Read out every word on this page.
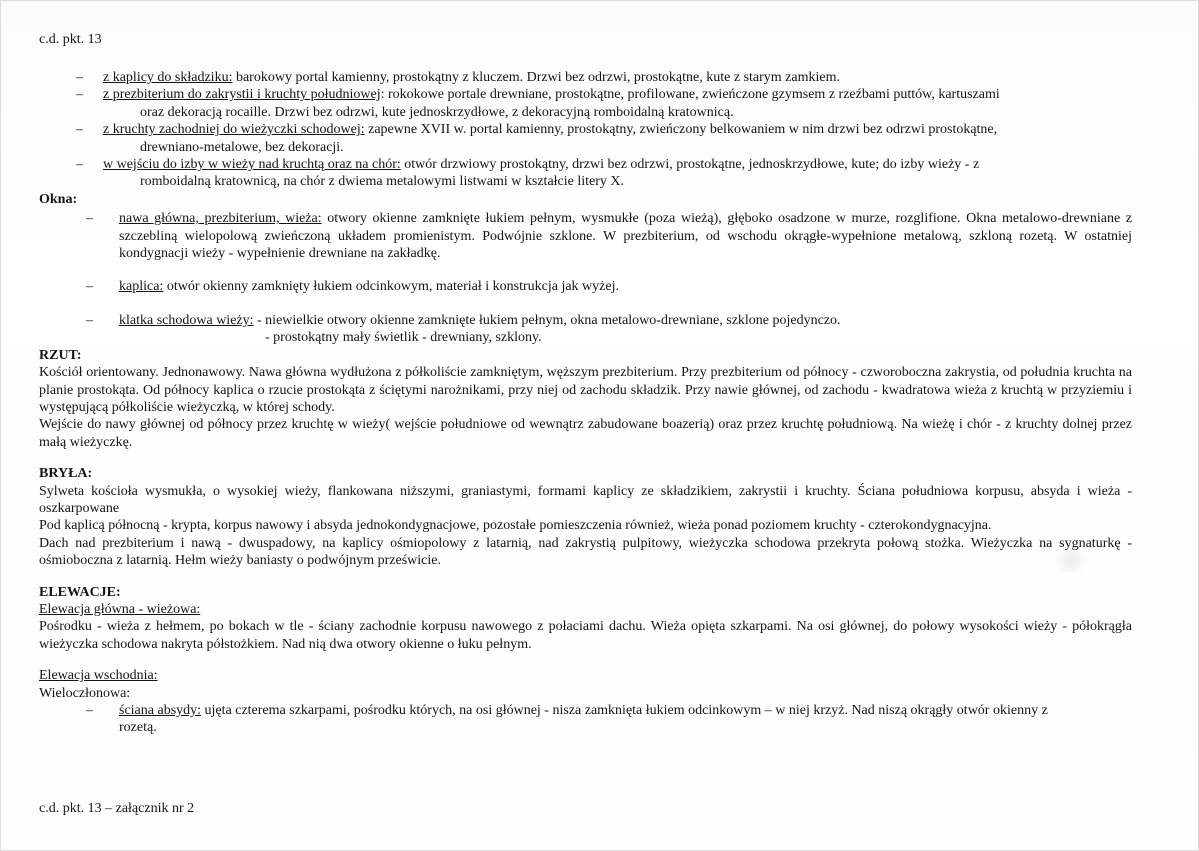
c.d. pkt. 13
– z kaplicy do składziku: barokowy portal kamienny, prostokątny z kluczem. Drzwi bez odrzwi, prostokątne, kute z starym zamkiem.
– z prezbiterium do zakrystii i kruchty południowej: rokokowe portale drewniane, prostokątne, profilowane, zwieńczone gzymsem z rzeźbami puttów, kartuszami
oraz dekoracją rocaille. Drzwi bez odrzwi, kute jednoskrzydłowe, z dekoracyjną romboidalną kratownicą.
– z kruchty zachodniej do wieżyczki schodowej: zapewne XVII w. portal kamienny, prostokątny, zwieńczony belkowaniem w nim drzwi bez odrzwi prostokątne,
drewniano-metalowe, bez dekoracji.
– w wejściu do izby w wieży nad kruchtą oraz na chór: otwór drzwiowy prostokątny, drzwi bez odrzwi, prostokątne, jednoskrzydłowe, kute; do izby wieży - z
romboidalną kratownicą, na chór z dwiema metalowymi listwami w kształcie litery X.
Okna:
– nawa główna, prezbiterium, wieża: otwory okienne zamknięte łukiem pełnym, wysmukłe (poza wieżą), głęboko osadzone w murze, rozglifione. Okna metalowo-drewniane z szczebliną wielopolową zwieńczoną układem promienistym. Podwójnie szklone. W prezbiterium, od wschodu okrągłe-wypełnione metalową, szkloną rozetą. W ostatniej kondygnacji wieży - wypełnienie drewniane na zakładkę.
– kaplica: otwór okienny zamknięty łukiem odcinkowym, materiał i konstrukcja jak wyżej.
– klatka schodowa wieży: - niewielkie otwory okienne zamknięte łukiem pełnym, okna metalowo-drewniane, szklone pojedynczo.
- prostokątny mały świetlik - drewniany, szklony.
RZUT:
Kościół orientowany. Jednonawowy. Nawa główna wydłużona z półkoliście zamkniętym, węższym prezbiterium. Przy prezbiterium od północy - czworoboczna zakrystia, od południa kruchta na planie prostokąta. Od północy kaplica o rzucie prostokąta z ściętymi narożnikami, przy niej od zachodu składzik. Przy nawie głównej, od zachodu - kwadratowa wieża z kruchtą w przyziemiu i występującą półkoliście wieżyczką, w której schody.
Wejście do nawy głównej od północy przez kruchtę w wieży( wejście południowe od wewnątrz zabudowane boazerią) oraz przez kruchtę południową. Na wieżę i chór - z kruchty dolnej przez małą wieżyczkę.
BRYŁA:
Sylweta kościoła wysmukła, o wysokiej wieży, flankowana niższymi, graniastymi, formami kaplicy ze składzikiem, zakrystii i kruchty. Ściana południowa korpusu, absyda i wieża - oszkarpowane
Pod kaplicą północną - krypta, korpus nawowy i absyda jednokondygnacjowe, pozostałe pomieszczenia również, wieża ponad poziomem kruchty - czterokondygnacyjna.
Dach nad prezbiterium i nawą - dwuspadowy, na kaplicy ośmiopolowy z latarnią, nad zakrystią pulpitowy, wieżyczka schodowa przekryta połową stożka. Wieżyczka na sygnaturkę - ośmioboczna z latarnią. Hełm wieży baniasty o podwójnym prześwicie.
ELEWACJE:
Elewacja główna - wieżowa:
Pośrodku - wieża z hełmem, po bokach w tle - ściany zachodnie korpusu nawowego z połaciami dachu. Wieża opięta szkarpami. Na osi głównej, do połowy wysokości wieży - półokrągła wieżyczka schodowa nakryta półstożkiem. Nad nią dwa otwory okienne o łuku pełnym.
Elewacja wschodnia:
Wieloczłonowa:
– ściana absydy: ujęta czterema szkarpami, pośrodku których, na osi głównej - nisza zamknięta łukiem odcinkowym – w niej krzyż. Nad niszą okrągły otwór okienny z
rozetą.
c.d. pkt. 13 – załącznik nr 2
